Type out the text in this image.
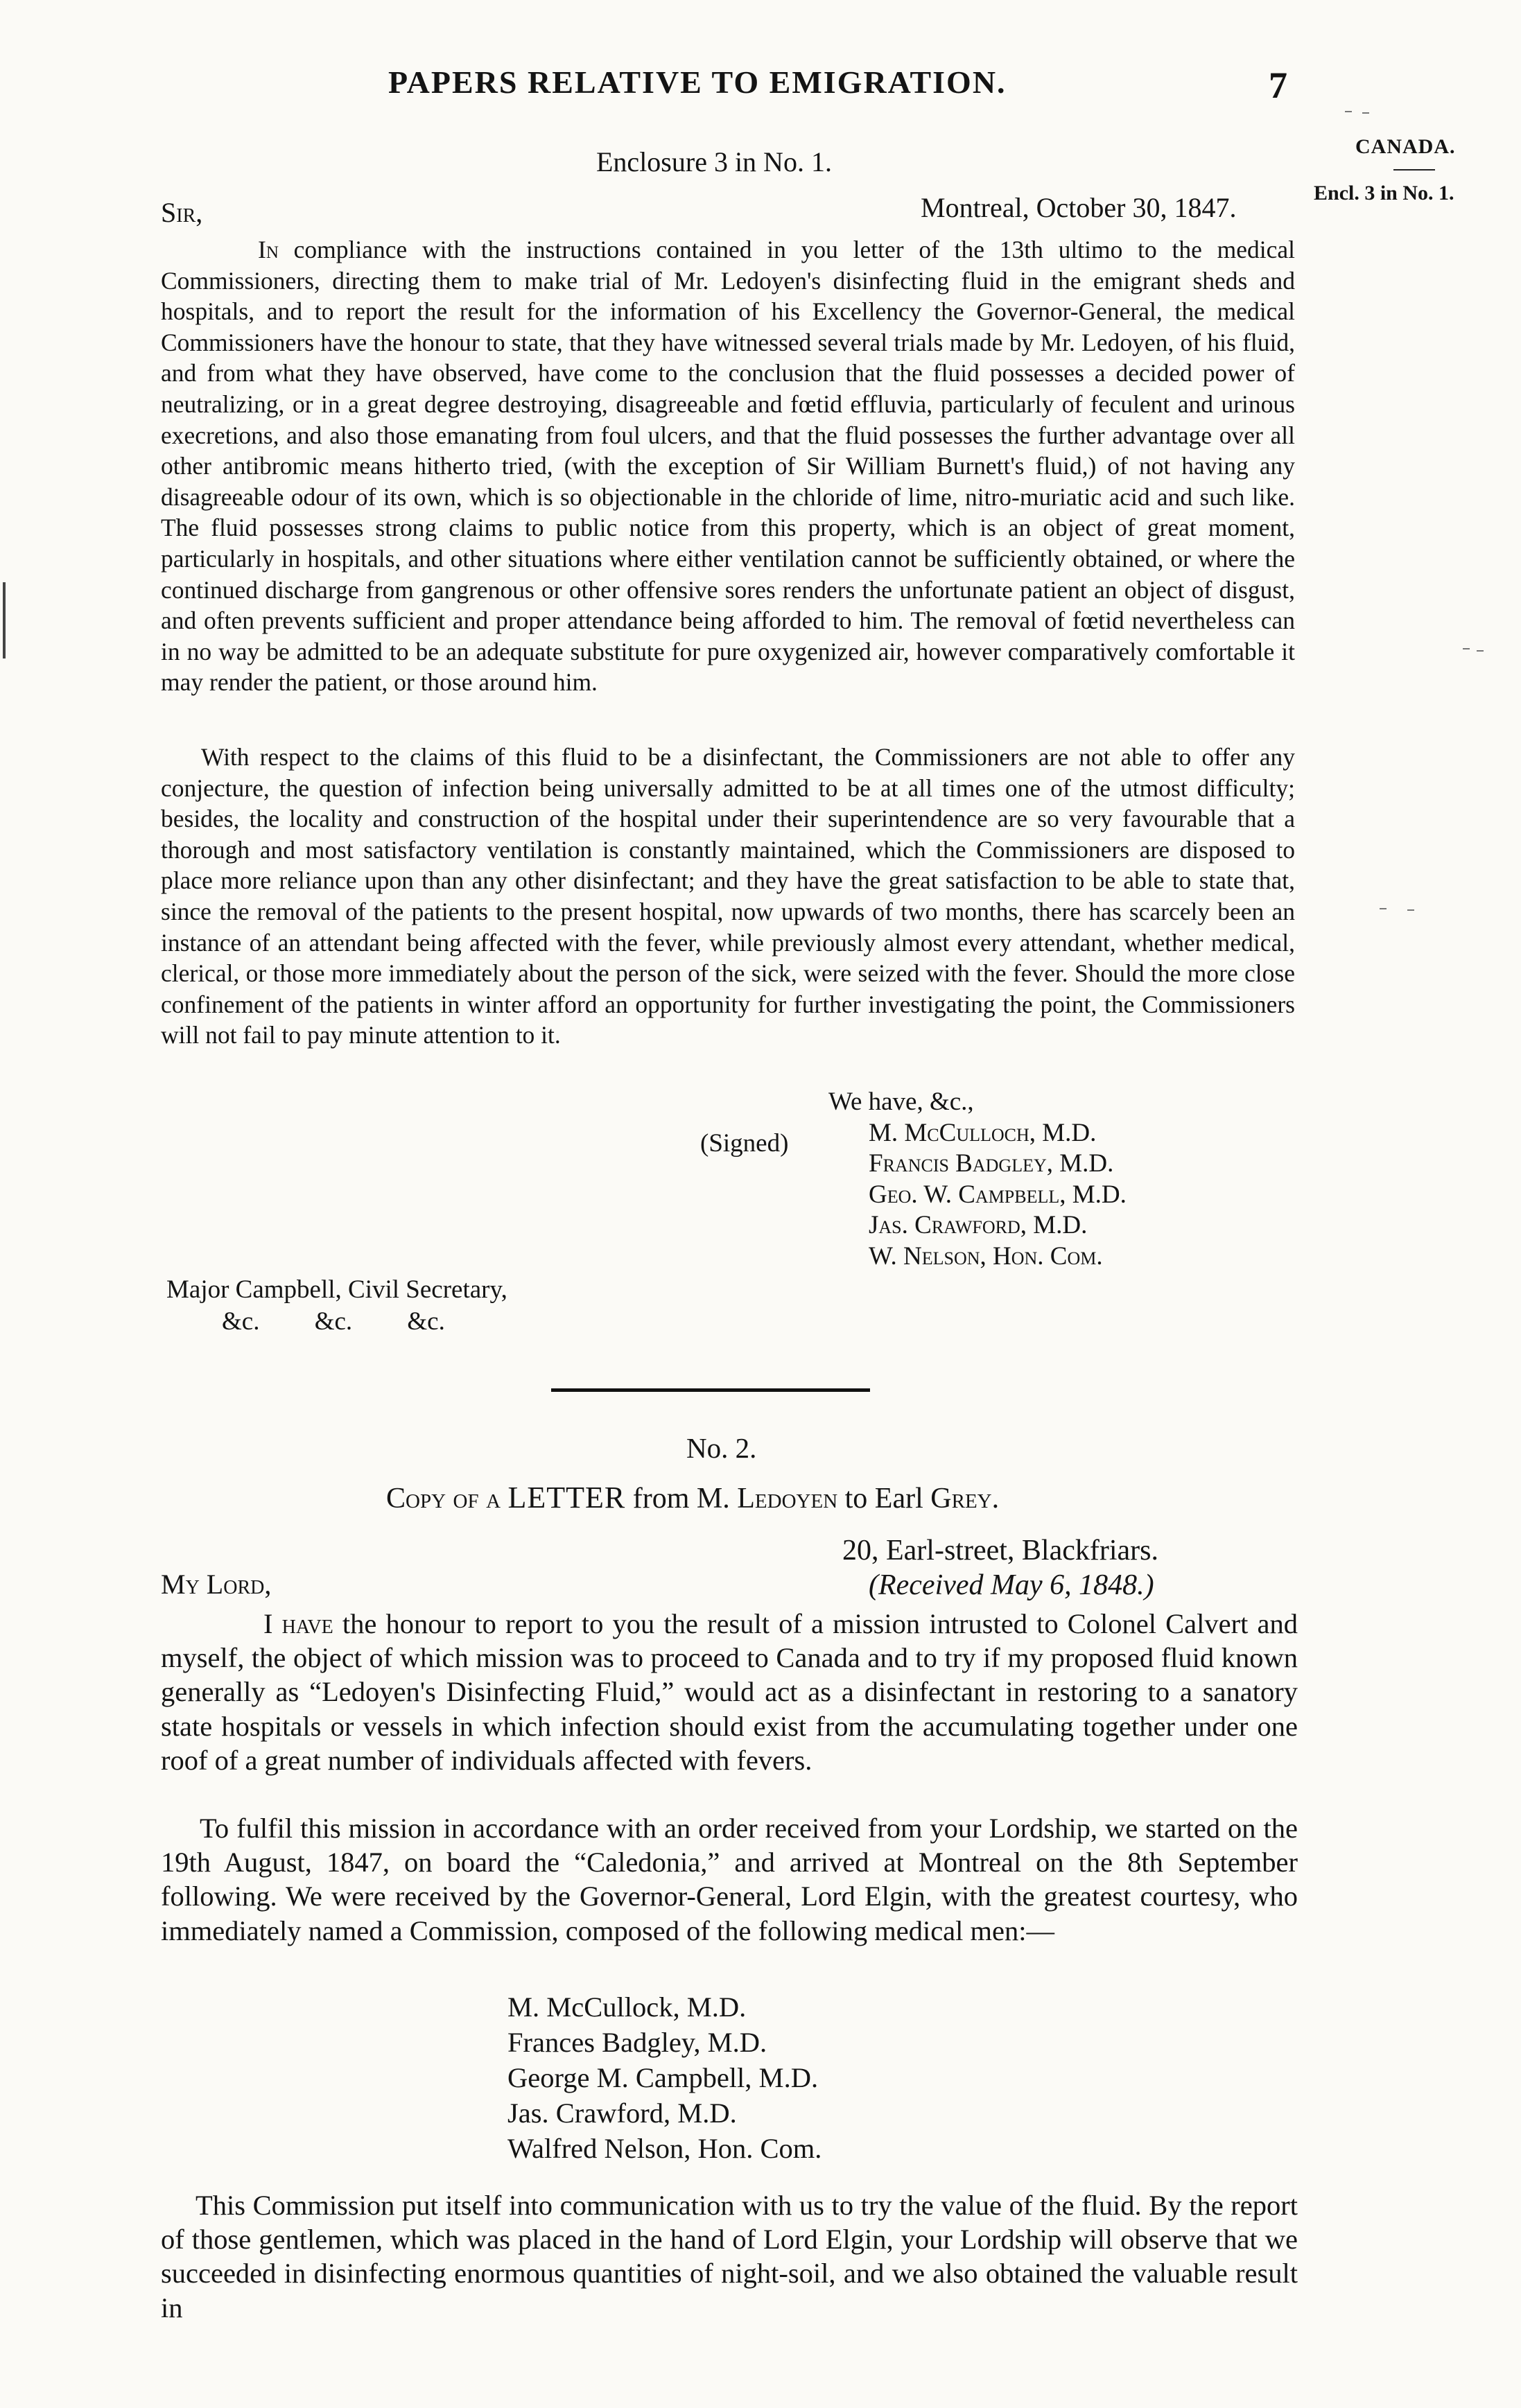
PAPERS RELATIVE TO EMIGRATION.	7
CANADA.
Encl. 3 in No. 1.
Enclosure 3 in No. 1.
Sir,	Montreal, October 30, 1847.
In compliance with the instructions contained in you letter of the 13th ultimo to the medical Commissioners, directing them to make trial of Mr. Ledoyen's disinfecting fluid in the emigrant sheds and hospitals, and to report the result for the information of his Excellency the Governor-General, the medical Commissioners have the honour to state, that they have witnessed several trials made by Mr. Ledoyen, of his fluid, and from what they have observed, have come to the conclusion that the fluid possesses a decided power of neutralizing, or in a great degree destroying, disagreeable and fœtid effluvia, particularly of feculent and urinous execretions, and also those emanating from foul ulcers, and that the fluid possesses the further advantage over all other antibromic means hitherto tried, (with the exception of Sir William Burnett's fluid,) of not having any disagreeable odour of its own, which is so objectionable in the chloride of lime, nitro-muriatic acid and such like. The fluid possesses strong claims to public notice from this property, which is an object of great moment, particularly in hospitals, and other situations where either ventilation cannot be sufficiently obtained, or where the continued discharge from gangrenous or other offensive sores renders the unfortunate patient an object of disgust, and often prevents sufficient and proper attendance being afforded to him. The removal of fœtid nevertheless can in no way be admitted to be an adequate substitute for pure oxygenized air, however comparatively comfortable it may render the patient, or those around him.
With respect to the claims of this fluid to be a disinfectant, the Commissioners are not able to offer any conjecture, the question of infection being universally admitted to be at all times one of the utmost difficulty; besides, the locality and construction of the hospital under their superintendence are so very favourable that a thorough and most satisfactory ventilation is constantly maintained, which the Commissioners are disposed to place more reliance upon than any other disinfectant; and they have the great satisfaction to be able to state that, since the removal of the patients to the present hospital, now upwards of two months, there has scarcely been an instance of an attendant being affected with the fever, while previously almost every attendant, whether medical, clerical, or those more immediately about the person of the sick, were seized with the fever. Should the more close confinement of the patients in winter afford an opportunity for further investigating the point, the Commissioners will not fail to pay minute attention to it.
We have, &c.,
M. McCulloch, M.D.
Francis Badgley, M.D.
Geo. W. Campbell, M.D.
Jas. Crawford, M.D.
W. Nelson, Hon. Com.
(Signed)
Major Campbell, Civil Secretary,
&c. &c. &c.
No. 2.
Copy of a LETTER from M. Ledoyen to Earl Grey.
20, Earl-street, Blackfriars.
(Received May 6, 1848.)
My Lord,
I have the honour to report to you the result of a mission intrusted to Colonel Calvert and myself, the object of which mission was to proceed to Canada and to try if my proposed fluid known generally as “Ledoyen's Disinfecting Fluid,” would act as a disinfectant in restoring to a sanatory state hospitals or vessels in which infection should exist from the accumulating together under one roof of a great number of individuals affected with fevers.
To fulfil this mission in accordance with an order received from your Lordship, we started on the 19th August, 1847, on board the “Caledonia,” and arrived at Montreal on the 8th September following. We were received by the Governor-General, Lord Elgin, with the greatest courtesy, who immediately named a Commission, composed of the following medical men:—
M. McCullock, M.D.
Frances Badgley, M.D.
George M. Campbell, M.D.
Jas. Crawford, M.D.
Walfred Nelson, Hon. Com.
This Commission put itself into communication with us to try the value of the fluid. By the report of those gentlemen, which was placed in the hand of Lord Elgin, your Lordship will observe that we succeeded in disinfecting enormous quantities of night-soil, and we also obtained the valuable result in
